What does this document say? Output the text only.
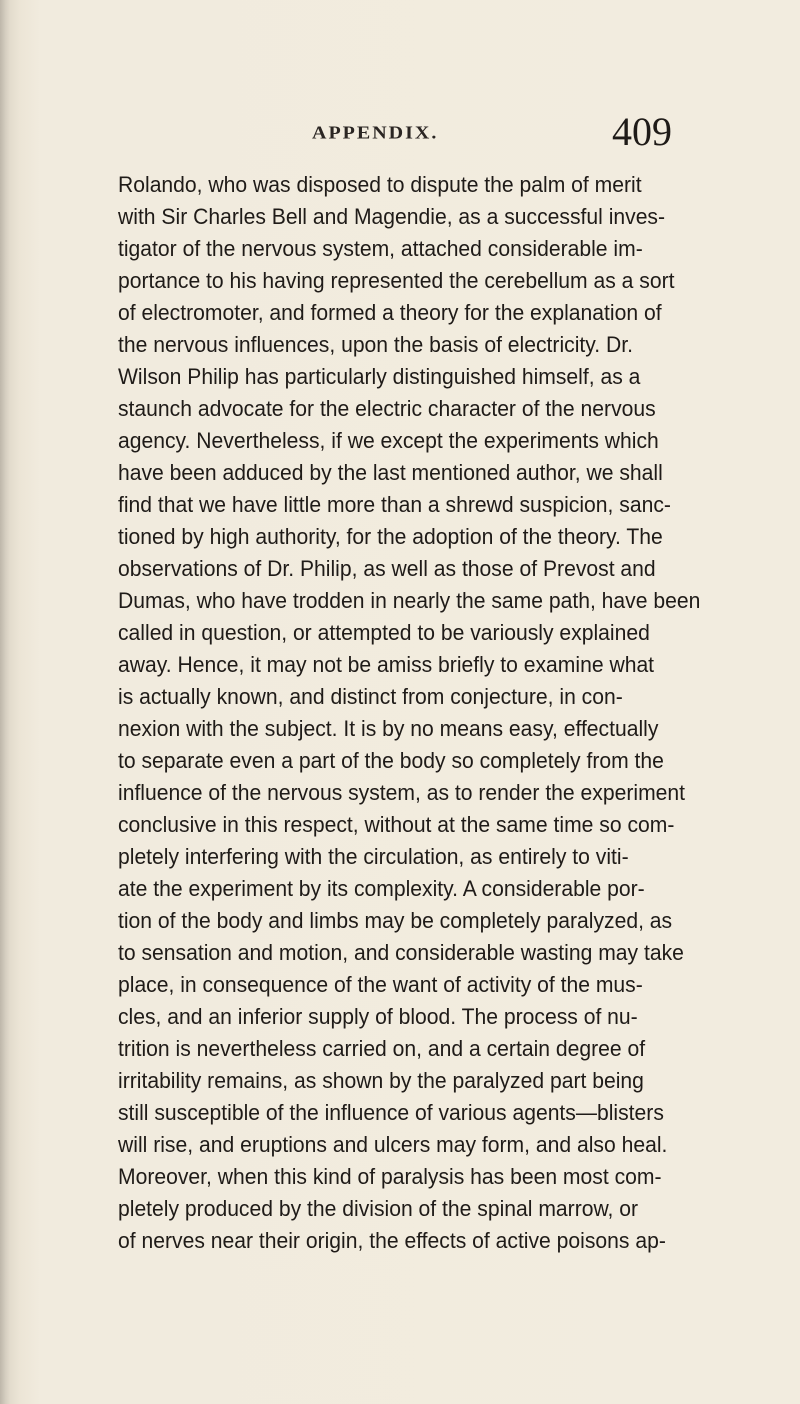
APPENDIX.	409
Rolando, who was disposed to dispute the palm of merit
with Sir Charles Bell and Magendie, as a successful inves-
tigator of the nervous system, attached considerable im-
portance to his having represented the cerebellum as a sort
of electromoter, and formed a theory for the explanation of
the nervous influences, upon the basis of electricity. Dr.
Wilson Philip has particularly distinguished himself, as a
staunch advocate for the electric character of the nervous
agency. Nevertheless, if we except the experiments which
have been adduced by the last mentioned author, we shall
find that we have little more than a shrewd suspicion, sanc-
tioned by high authority, for the adoption of the theory. The
observations of Dr. Philip, as well as those of Prevost and
Dumas, who have trodden in nearly the same path, have been
called in question, or attempted to be variously explained
away. Hence, it may not be amiss briefly to examine what
is actually known, and distinct from conjecture, in con-
nexion with the subject. It is by no means easy, effectually
to separate even a part of the body so completely from the
influence of the nervous system, as to render the experiment
conclusive in this respect, without at the same time so com-
pletely interfering with the circulation, as entirely to viti-
ate the experiment by its complexity. A considerable por-
tion of the body and limbs may be completely paralyzed, as
to sensation and motion, and considerable wasting may take
place, in consequence of the want of activity of the mus-
cles, and an inferior supply of blood. The process of nu-
trition is nevertheless carried on, and a certain degree of
irritability remains, as shown by the paralyzed part being
still susceptible of the influence of various agents—blisters
will rise, and eruptions and ulcers may form, and also heal.
Moreover, when this kind of paralysis has been most com-
pletely produced by the division of the spinal marrow, or
of nerves near their origin, the effects of active poisons ap-
